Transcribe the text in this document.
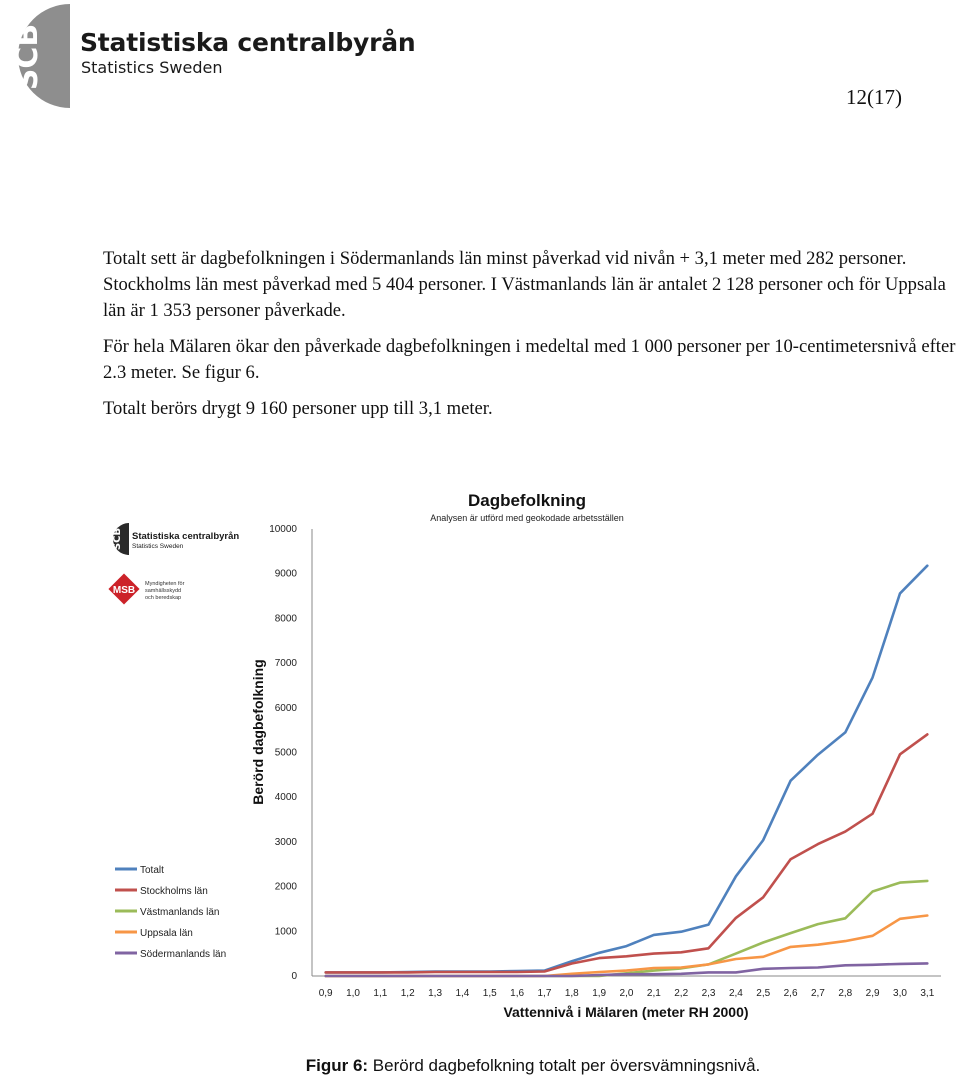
SCB Statistiska centralbyrån
Statistics Sweden
12(17)

Totalt sett är dagbefolkningen i Södermanlands län minst påverkad vid nivån + 3,1 meter med 282 personer. Stockholms län mest påverkad med 5 404 personer. I Västmanlands län är antalet 2 128 personer och för Uppsala län är 1 353 personer påverkade.

För hela Mälaren ökar den påverkade dagbefolkningen i medeltal med 1 000 personer per 10-centimetersnivå efter 2.3 meter. Se figur 6.

Totalt berörs drygt 9 160 personer upp till 3,1 meter.

SCB Statistiska centralbyrån
Statistics Sweden
MSB
Myndigheten för
samhällsskydd
och beredskap
Dagbefolkning
Analysen är utförd med geokodade arbetsställen
Berörd dagbefolkning
Vattennivå i Mälaren (meter RH 2000)
0
1000
2000
3000
4000
5000
6000
7000
8000
9000
10000
0,9 1,0 1,1 1,2 1,3 1,4 1,5 1,6 1,7 1,8 1,9 2,0 2,1 2,2 2,3 2,4 2,5 2,6 2,7 2,8 2,9 3,0 3,1
Totalt
Stockholms län
Västmanlands län
Uppsala län
Södermanlands län
Figur 6: Berörd dagbefolkning totalt per översvämningsnivå.
